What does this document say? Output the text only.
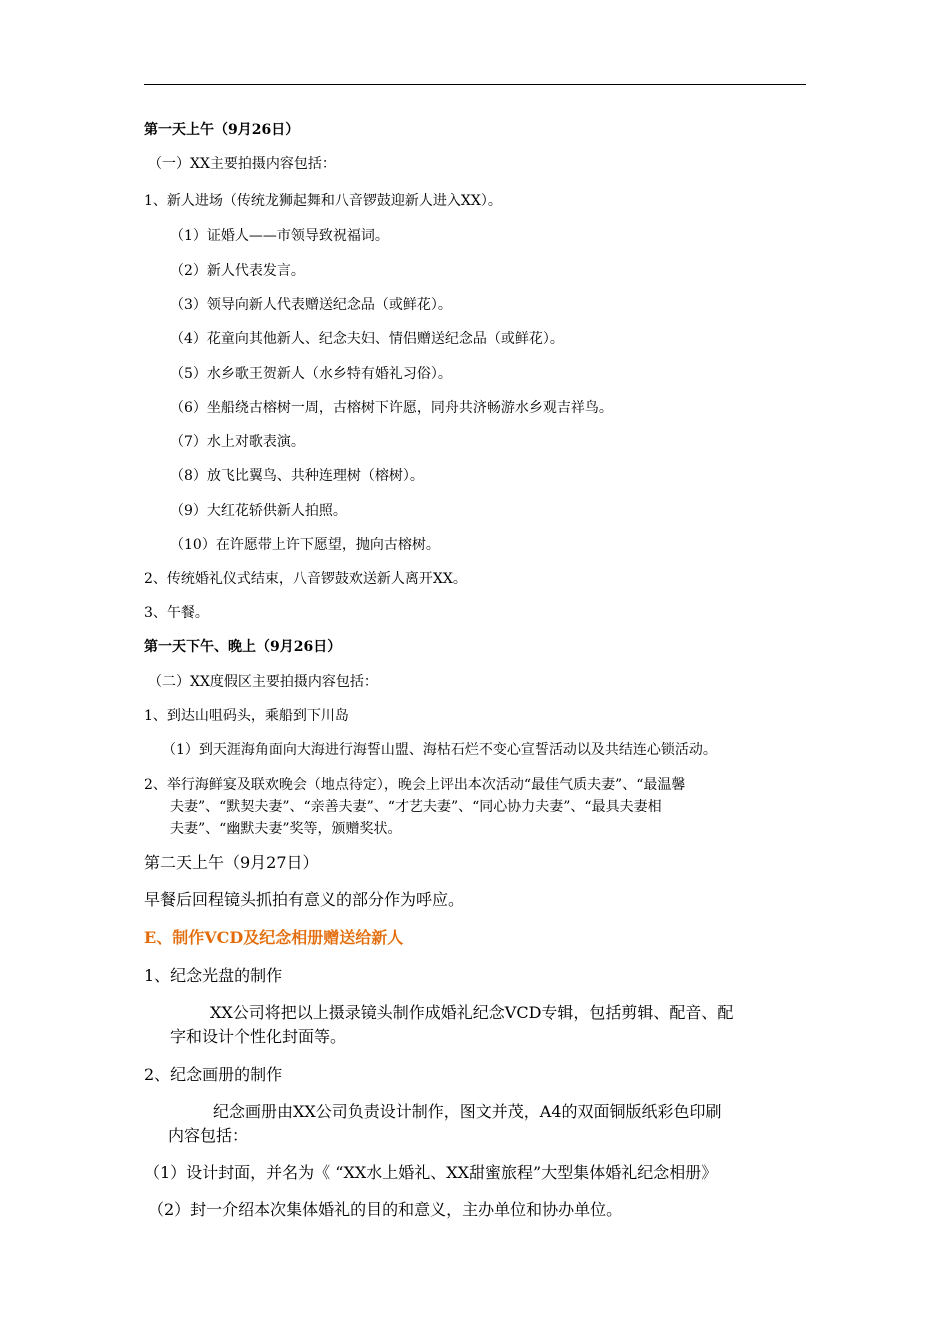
第一天上午（9月26日）

（一）XX主要拍摄内容包括：

1、新人进场（传统龙狮起舞和八音锣鼓迎新人进入XX）。

（1）证婚人——市领导致祝福词。

（2）新人代表发言。

（3）领导向新人代表赠送纪念品（或鲜花）。

（4）花童向其他新人、纪念夫妇、情侣赠送纪念品（或鲜花）。

（5）水乡歌王贺新人（水乡特有婚礼习俗）。

（6）坐船绕古榕树一周，古榕树下许愿，同舟共济畅游水乡观吉祥鸟。

（7）水上对歌表演。

（8）放飞比翼鸟、共种连理树（榕树）。

（9）大红花轿供新人拍照。

（10）在许愿带上许下愿望，抛向古榕树。

2、传统婚礼仪式结束，八音锣鼓欢送新人离开XX。

3、午餐。

第一天下午、晚上（9月26日）

（二）XX度假区主要拍摄内容包括：

1、到达山咀码头，乘船到下川岛

（1）到天涯海角面向大海进行海誓山盟、海枯石烂不变心宣誓活动以及共结连心锁活动。

2、举行海鲜宴及联欢晚会（地点待定），晚会上评出本次活动“最佳气质夫妻”、“最温馨

夫妻”、“默契夫妻”、“亲善夫妻”、“才艺夫妻”、“同心协力夫妻”、“最具夫妻相

夫妻”、“幽默夫妻”奖等，颁赠奖状。

第二天上午（9月27日）

早餐后回程镜头抓拍有意义的部分作为呼应。

E、制作VCD及纪念相册赠送给新人

1、纪念光盘的制作

XX公司将把以上摄录镜头制作成婚礼纪念VCD专辑，包括剪辑、配音、配

字和设计个性化封面等。

2、纪念画册的制作

纪念画册由XX公司负责设计制作，图文并茂，A4的双面铜版纸彩色印刷

内容包括：

（1）设计封面，并名为《 “XX水上婚礼、XX甜蜜旅程”大型集体婚礼纪念相册》

（2）封一介绍本次集体婚礼的目的和意义，主办单位和协办单位。
